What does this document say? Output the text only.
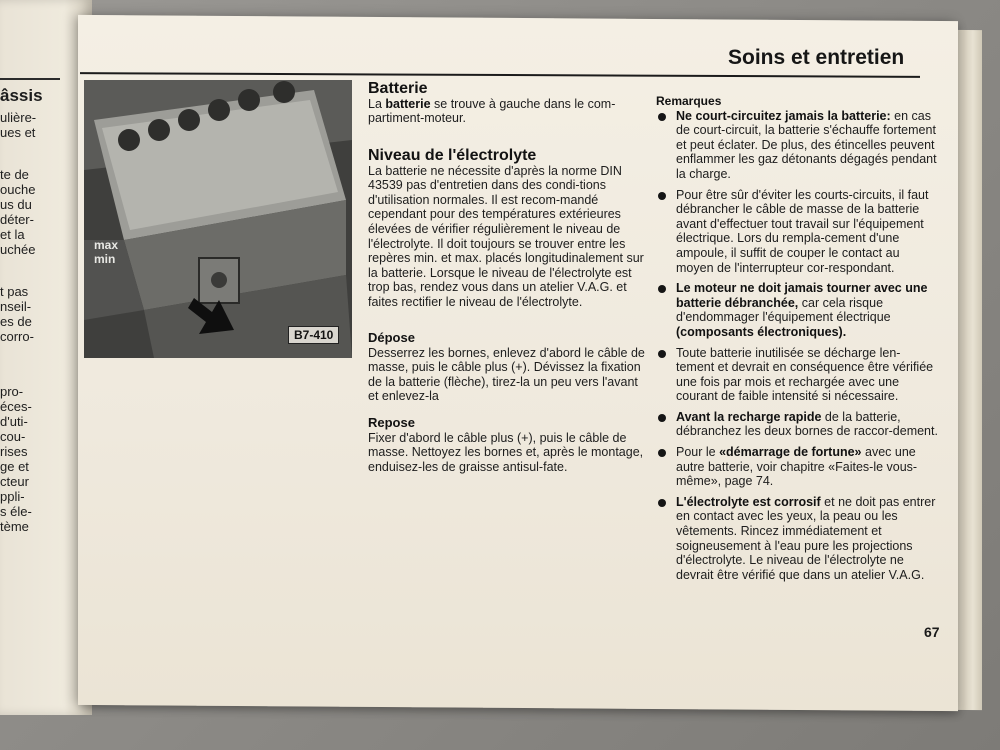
âssis
ulière-
ues et
te de
ouche
us du
déter-
et la
uchée
t pas
nseil-
es de
corro-
pro-
éces-
d'uti-
cou-
rises
ge et
cteur
ppli-
s éle-
tème
Soins et entretien
max
min
B7-410
Batterie

La batterie se trouve à gauche dans le com-partiment-moteur.

Niveau de l'électrolyte

La batterie ne nécessite d'après la norme DIN 43539 pas d'entretien dans des condi-tions d'utilisation normales. Il est recom-mandé cependant pour des températures extérieures élevées de vérifier régulièrement le niveau de l'électrolyte. Il doit toujours se trouver entre les repères min. et max. placés longitudinalement sur la batterie. Lorsque le niveau de l'électrolyte est trop bas, rendez vous dans un atelier V.A.G. et faites rectifier le niveau de l'électrolyte.

Dépose

Desserrez les bornes, enlevez d'abord le câble de masse, puis le câble plus (+). Dévissez la fixation de la batterie (flèche), tirez-la un peu vers l'avant et enlevez-la

Repose

Fixer d'abord le câble plus (+), puis le câble de masse. Nettoyez les bornes et, après le montage, enduisez-les de graisse antisul-fate.

Remarques
Ne court-circuitez jamais la batterie: en cas de court-circuit, la batterie s'échauffe fortement et peut éclater. De plus, des étincelles peuvent enflammer les gaz détonants dégagés pendant la charge.
Pour être sûr d'éviter les courts-circuits, il faut débrancher le câble de masse de la batterie avant d'effectuer tout travail sur l'équipement électrique. Lors du rempla-cement d'une ampoule, il suffit de couper le contact au moyen de l'interrupteur cor-respondant.
Le moteur ne doit jamais tourner avec une batterie débranchée, car cela risque d'endommager l'équipement électrique (composants électroniques).
Toute batterie inutilisée se décharge len-tement et devrait en conséquence être vérifiée une fois par mois et rechargée avec une courant de faible intensité si nécessaire.
Avant la recharge rapide de la batterie, débranchez les deux bornes de raccor-dement.
Pour le «démarrage de fortune» avec une autre batterie, voir chapitre «Faites-le vous-même», page 74.
L'électrolyte est corrosif et ne doit pas entrer en contact avec les yeux, la peau ou les vêtements. Rincez immédiatement et soigneusement à l'eau pure les projections d'électrolyte. Le niveau de l'électrolyte ne devrait être vérifié que dans un atelier V.A.G.
67
